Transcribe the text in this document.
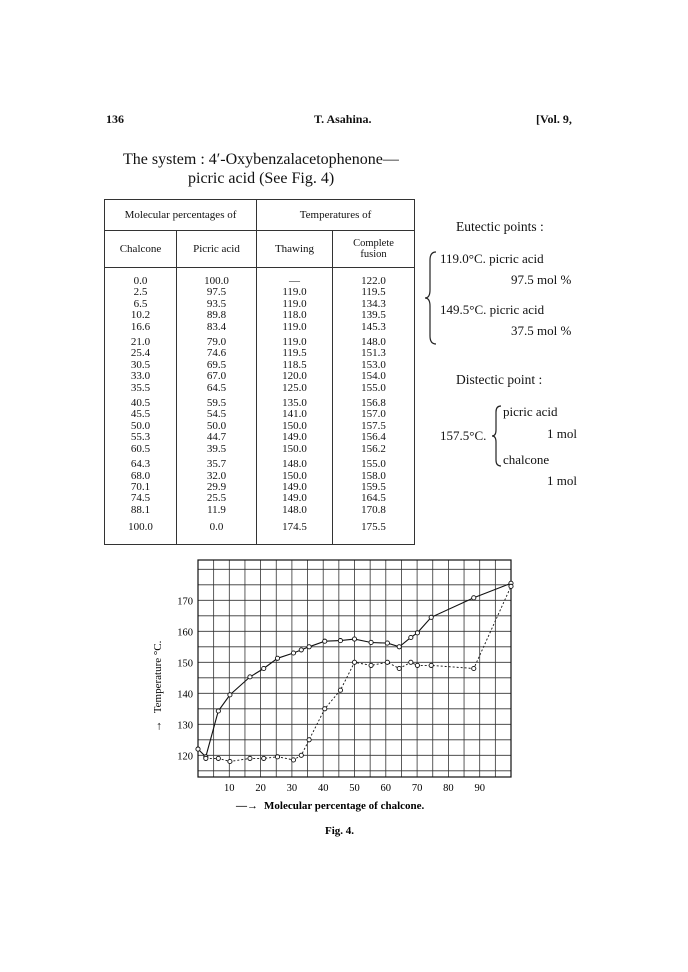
136	T. Asahina.	[Vol. 9,
The system : 4′-Oxybenzalacetophenone—
picric acid (See Fig. 4)
Molecular percentages of		Temperatures of	
Chalcone	Picric acid	Thawing	Complete
fusion

0.0	100.0	—	122.0
2.5	97.5	119.0	119.5
6.5	93.5	119.0	134.3
10.2	89.8	118.0	139.5
16.6	83.4	119.0	145.3

21.0	79.0	119.0	148.0
25.4	74.6	119.5	151.3
30.5	69.5	118.5	153.0
33.0	67.0	120.0	154.0
35.5	64.5	125.0	155.0

40.5	59.5	135.0	156.8
45.5	54.5	141.0	157.0
50.0	50.0	150.0	157.5
55.3	44.7	149.0	156.4
60.5	39.5	150.0	156.2

64.3	35.7	148.0	155.0
68.0	32.0	150.0	158.0
70.1	29.9	149.0	159.5
74.5	25.5	149.0	164.5
88.1	11.9	148.0	170.8

100.0	0.0	174.5	175.5
Eutectic points :
119.0°C. picric acid
97.5 mol %
149.5°C. picric acid
37.5 mol %
Distectic point :
157.5°C.
picric acid
1 mol
chalcone
1 mol
10 20 30 40 50 60 70 80 90
120
130
140
150
160
170
—→ Molecular percentage of chalcone.
→
Temperature °C.
Fig. 4.
